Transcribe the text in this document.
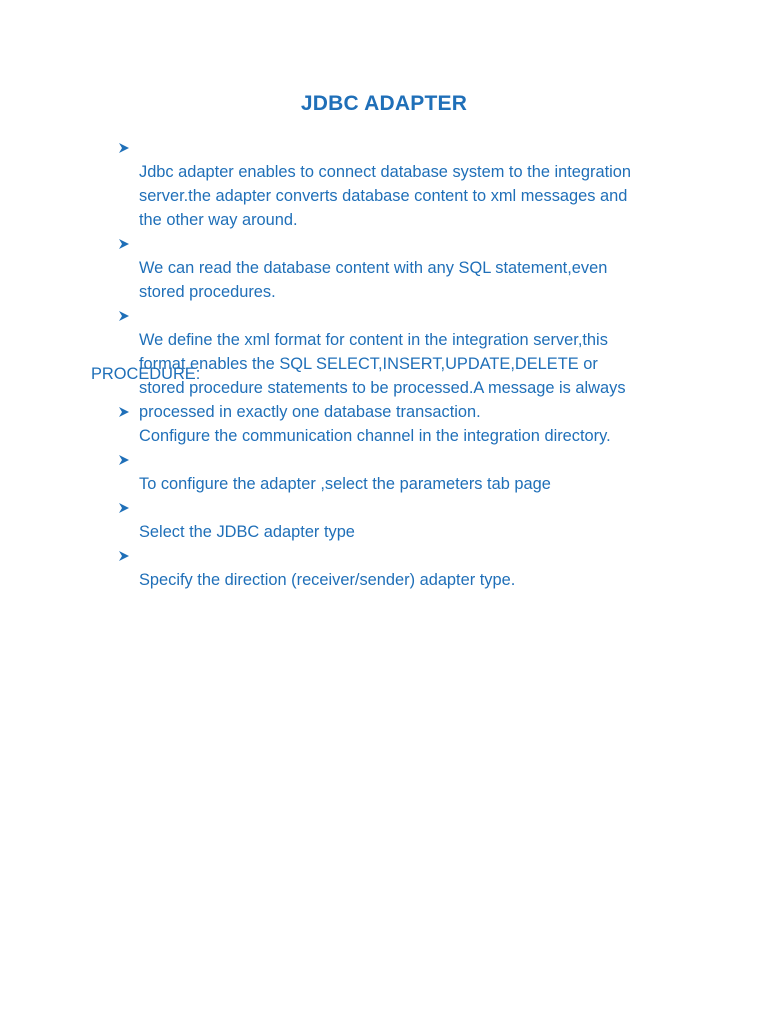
JDBC ADAPTER

Jdbc adapter enables to connect database system to the integration
server.the adapter converts database content to xml messages and
the other way around.

We can read the database content with any SQL statement,even
stored procedures.

We define the xml format for content in the integration server,this
format enables the SQL SELECT,INSERT,UPDATE,DELETE or
stored procedure statements to be processed.A message is always
processed in exactly one database transaction.

PROCEDURE:

Configure the communication channel in the integration directory.

To configure the adapter ,select the parameters tab page

Select the JDBC adapter type

Specify the direction (receiver/sender) adapter type.
